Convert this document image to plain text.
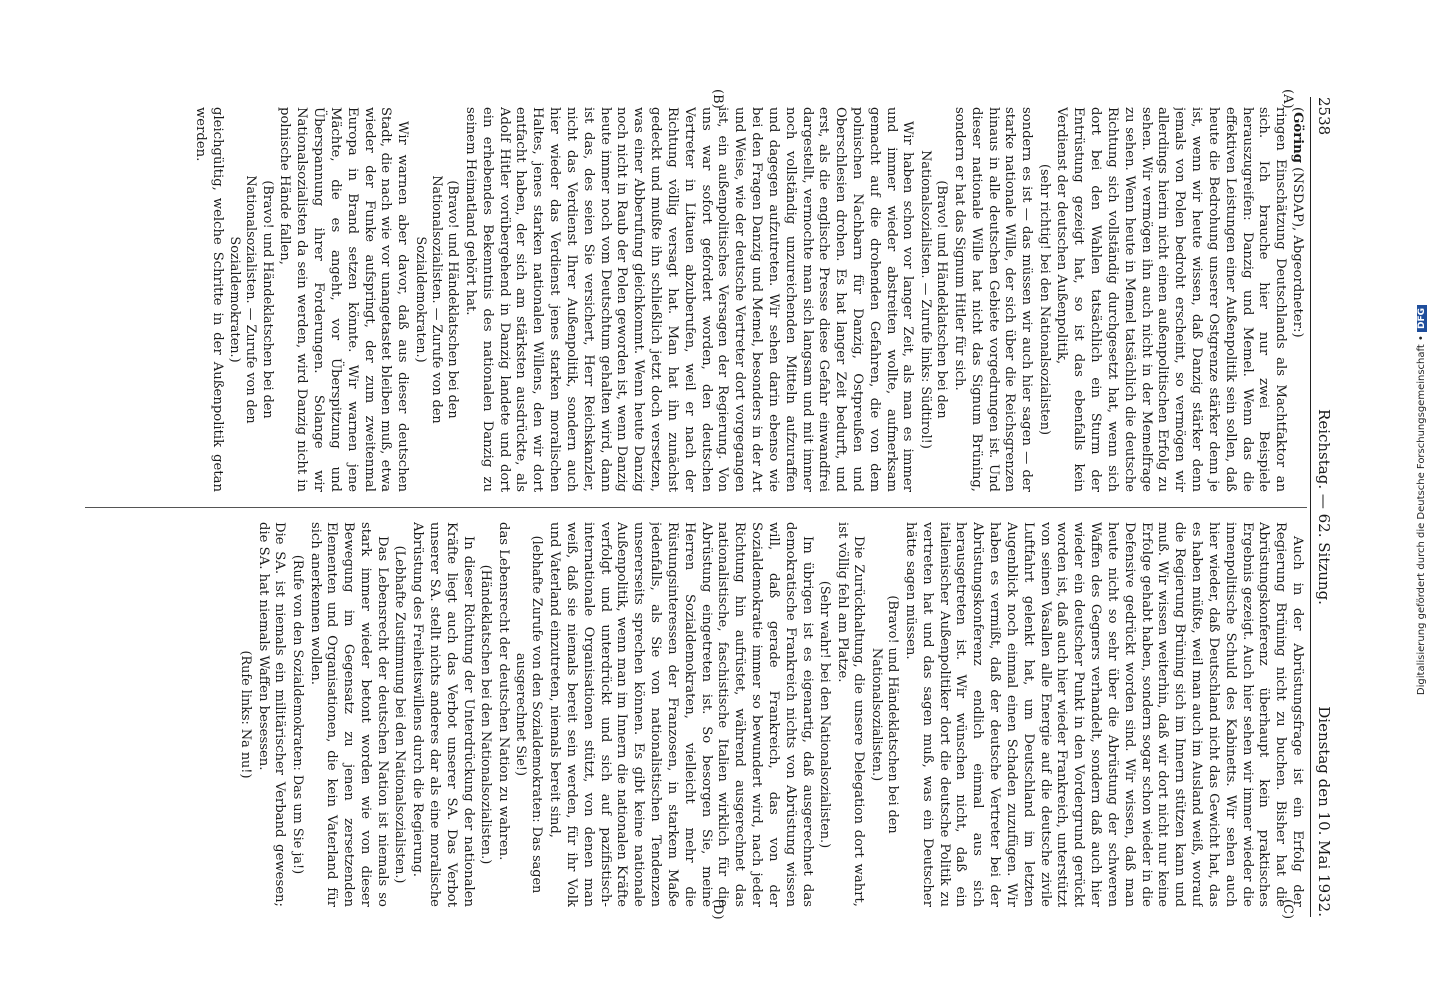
2538
Reichstag. — 62. Sitzung.
Dienstag den 10. Mai 1932.
(A)
(B)
(C)
(D)

(Göring (NSDAP), Abgeordneter:)

ringen Einschätzung Deutschlands als Machtfaktor an sich. Ich brauche hier nur zwei Beispiele herauszugreifen: Danzig und Memel. Wenn das die effektiven Leistungen einer Außenpolitik sein sollen, daß heute die Bedrohung unserer Ostgrenze stärker denn je ist, wenn wir heute wissen, daß Danzig stärker denn jemals von Polen bedroht erscheint, so vermögen wir allerdings hierin nicht einen außenpolitischen Erfolg zu sehen. Wir vermögen ihn auch nicht in der Memelfrage zu sehen. Wenn heute in Memel tatsächlich die deutsche Richtung sich vollständig durchgesetzt hat, wenn sich dort bei den Wahlen tatsächlich ein Sturm der Entrüstung gezeigt hat, so ist das ebenfalls kein Verdienst der deutschen Außenpolitik,

(sehr richtig! bei den Nationalsozialisten)

sondern es ist — das müssen wir auch hier sagen — der starke nationale Wille, der sich über die Reichsgrenzen hinaus in alle deutschen Gebiete vorgedrungen ist. Und dieser nationale Wille hat nicht das Signum Brüning, sondern er hat das Signum Hitler für sich.

(Bravo! und Händeklatschen bei den Nationalsozialisten. — Zurufe links: Südtirol!)

Wir haben schon vor langer Zeit, als man es immer und immer wieder abstreiten wollte, aufmerksam gemacht auf die drohenden Gefahren, die von dem polnischen Nachbarn für Danzig, Ostpreußen und Oberschlesien drohen. Es hat langer Zeit bedurft, und erst, als die englische Presse diese Gefahr einwandfrei dargestellt, vermochte man sich langsam und mit immer noch vollständig unzureichenden Mitteln aufzuraffen und dagegen aufzutreten. Wir sehen darin ebenso wie bei den Fragen Danzig und Memel, besonders in der Art und Weise, wie der deutsche Vertreter dort vorgegangen ist, ein außenpolitisches Versagen der Regierung. Von uns war sofort gefordert worden, den deutschen Vertreter in Litauen abzuberufen, weil er nach der Richtung völlig versagt hat. Man hat ihn zunächst gedeckt und mußte ihn schließlich jetzt doch versetzen, was einer Abberufung gleichkommt. Wenn heute Danzig noch nicht in Raub der Polen geworden ist, wenn Danzig heute immer noch vom Deutschtum gehalten wird, dann ist das, des seien Sie versichert, Herr Reichskanzler, nicht das Verdienst Ihrer Außenpolitik, sondern auch hier wieder das Verdienst jenes starken moralischen Haltes, jenes starken nationalen Willens, den wir dort entfacht haben, der sich am stärksten ausdrückte, als Adolf Hitler vorübergehend in Danzig landete und dort ein erhebendes Bekenntnis des nationalen Danzig zu seinem Heimatland gehört hat.

(Bravo! und Händeklatschen bei den Nationalsozialisten. — Zurufe von den Sozialdemokraten.)

Wir warnen aber davor, daß aus dieser deutschen Stadt, die nach wie vor unangetastet bleiben muß, etwa wieder der Funke aufspringt, der zum zweitenmal Europa in Brand setzen könnte. Wir warnen jene Mächte, die es angeht, vor Überspitzung und Überspannung ihrer Forderungen. Solange wir Nationalsozialisten da sein werden, wird Danzig nicht in polnische Hände fallen,

(Bravo! und Händeklatschen bei den Nationalsozialisten. — Zurufe von den Sozialdemokraten.)

gleichgültig, welche Schritte in der Außenpolitik getan werden.

Auch in der Abrüstungsfrage ist ein Erfolg der Regierung Brüning nicht zu buchen. Bisher hat die Abrüstungskonferenz überhaupt kein praktisches Ergebnis gezeigt. Auch hier sehen wir immer wieder die innenpolitische Schuld des Kabinetts. Wir sehen auch hier wieder, daß Deutschland nicht das Gewicht hat, das es haben müßte, weil man auch im Ausland weiß, worauf die Regierung Brüning sich im Innern stützen kann und muß. Wir wissen weiterhin, daß wir dort nicht nur keine Erfolge gehabt haben, sondern sogar schon wieder in die Defensive gedrückt worden sind. Wir wissen, daß man heute nicht so sehr über die Abrüstung der schweren Waffen des Gegners verhandelt, sondern daß auch hier wieder ein deutscher Punkt in den Vordergrund gerückt worden ist, daß auch hier wieder Frankreich, unterstützt von seinen Vasallen alle Energie auf die deutsche zivile Luftfahrt gelenkt hat, um Deutschland im letzten Augenblick noch einmal einen Schaden zuzufügen. Wir haben es vermißt, daß der deutsche Vertreter bei der Abrüstungskonferenz endlich einmal aus sich herausgetreten ist. Wir wünschen nicht, daß ein italienischer Außenpolitiker dort die deutsche Politik zu vertreten hat und das sagen muß, was ein Deutscher hätte sagen müssen.

(Bravo! und Händeklatschen bei den Nationalsozialisten.)

Die Zurückhaltung, die unsere Delegation dort wahrt, ist völlig fehl am Platze.

(Sehr wahr! bei den Nationalsozialisten.)

Im übrigen ist es eigenartig, daß ausgerechnet das demokratische Frankreich nichts von Abrüstung wissen will, daß gerade Frankreich, das von der Sozialdemokratie immer so bewundert wird, nach jeder Richtung hin aufrüstet, während ausgerechnet das nationalistische, faschistische Italien wirklich für die Abrüstung eingetreten ist. So besorgen Sie, meine Herren Sozialdemokraten, vielleicht mehr die Rüstungsinteressen der Franzosen, in starkem Maße jedenfalls, als Sie von nationalistischen Tendenzen unsererseits sprechen können. Es gibt keine nationale Außenpolitik, wenn man im Innern die nationalen Kräfte verfolgt und unterdrückt und sich auf pazifistisch-internationale Organisationen stützt, von denen man weiß, daß sie niemals bereit sein werden, für ihr Volk und Vaterland einzutreten, niemals bereit sind,

(lebhafte Zurufe von den Sozialdemokraten: Das sagen ausgerechnet Sie!)

das Lebensrecht der deutschen Nation zu wahren.

(Händeklatschen bei den Nationalsozialisten.)

In dieser Richtung der Unterdrückung der nationalen Kräfte liegt auch das Verbot unserer SA. Das Verbot unserer SA. stellt nichts anderes dar als eine moralische Abrüstung des Freiheitswillens durch die Regierung.

(Lebhafte Zustimmung bei den Nationalsozialisten.)

Das Lebensrecht der deutschen Nation ist niemals so stark immer wieder betont worden wie von dieser Bewegung im Gegensatz zu jenen zersetzenden Elementen und Organisationen, die kein Vaterland für sich anerkennen wollen.

(Rufe von den Sozialdemokraten: Das um Sie ja!)

Die SA. ist niemals ein militärischer Verband gewesen; die SA. hat niemals Waffen besessen.

(Rufe links: Na nu!)

Digitalisierung gefördert durch die Deutsche Forschungsgemeinschaft • DFG
